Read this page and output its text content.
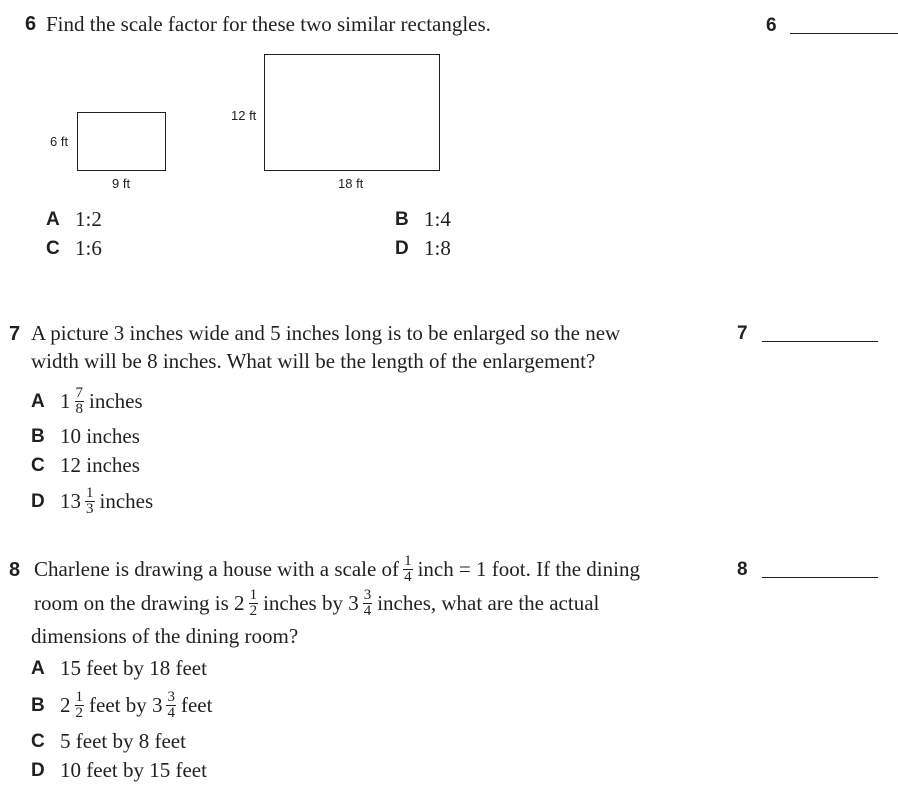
6 Find the scale factor for these two similar rectangles.	6
6 ft
9 ft
12 ft
18 ft
A 1:2	B 1:4
C 1:6	D 1:8
7 A picture 3 inches wide and 5 inches long is to be enlarged so the new
width will be 8 inches. What will be the length of the enlargement?
7
A $1 \frac{7}{8}$ inches
B 10 inches
C 12 inches
D $13 \frac{1}{3}$ inches
8 Charlene is drawing a house with a scale of $\frac{1}{4}$ inch = 1 foot. If the dining
room on the drawing is $2 \frac{1}{2}$ inches by $3 \frac{3}{4}$ inches, what are the actual
dimensions of the dining room?
8
A 15 feet by 18 feet
B $2 \frac{1}{2}$ feet by $3 \frac{3}{4}$ feet
C 5 feet by 8 feet
D 10 feet by 15 feet
